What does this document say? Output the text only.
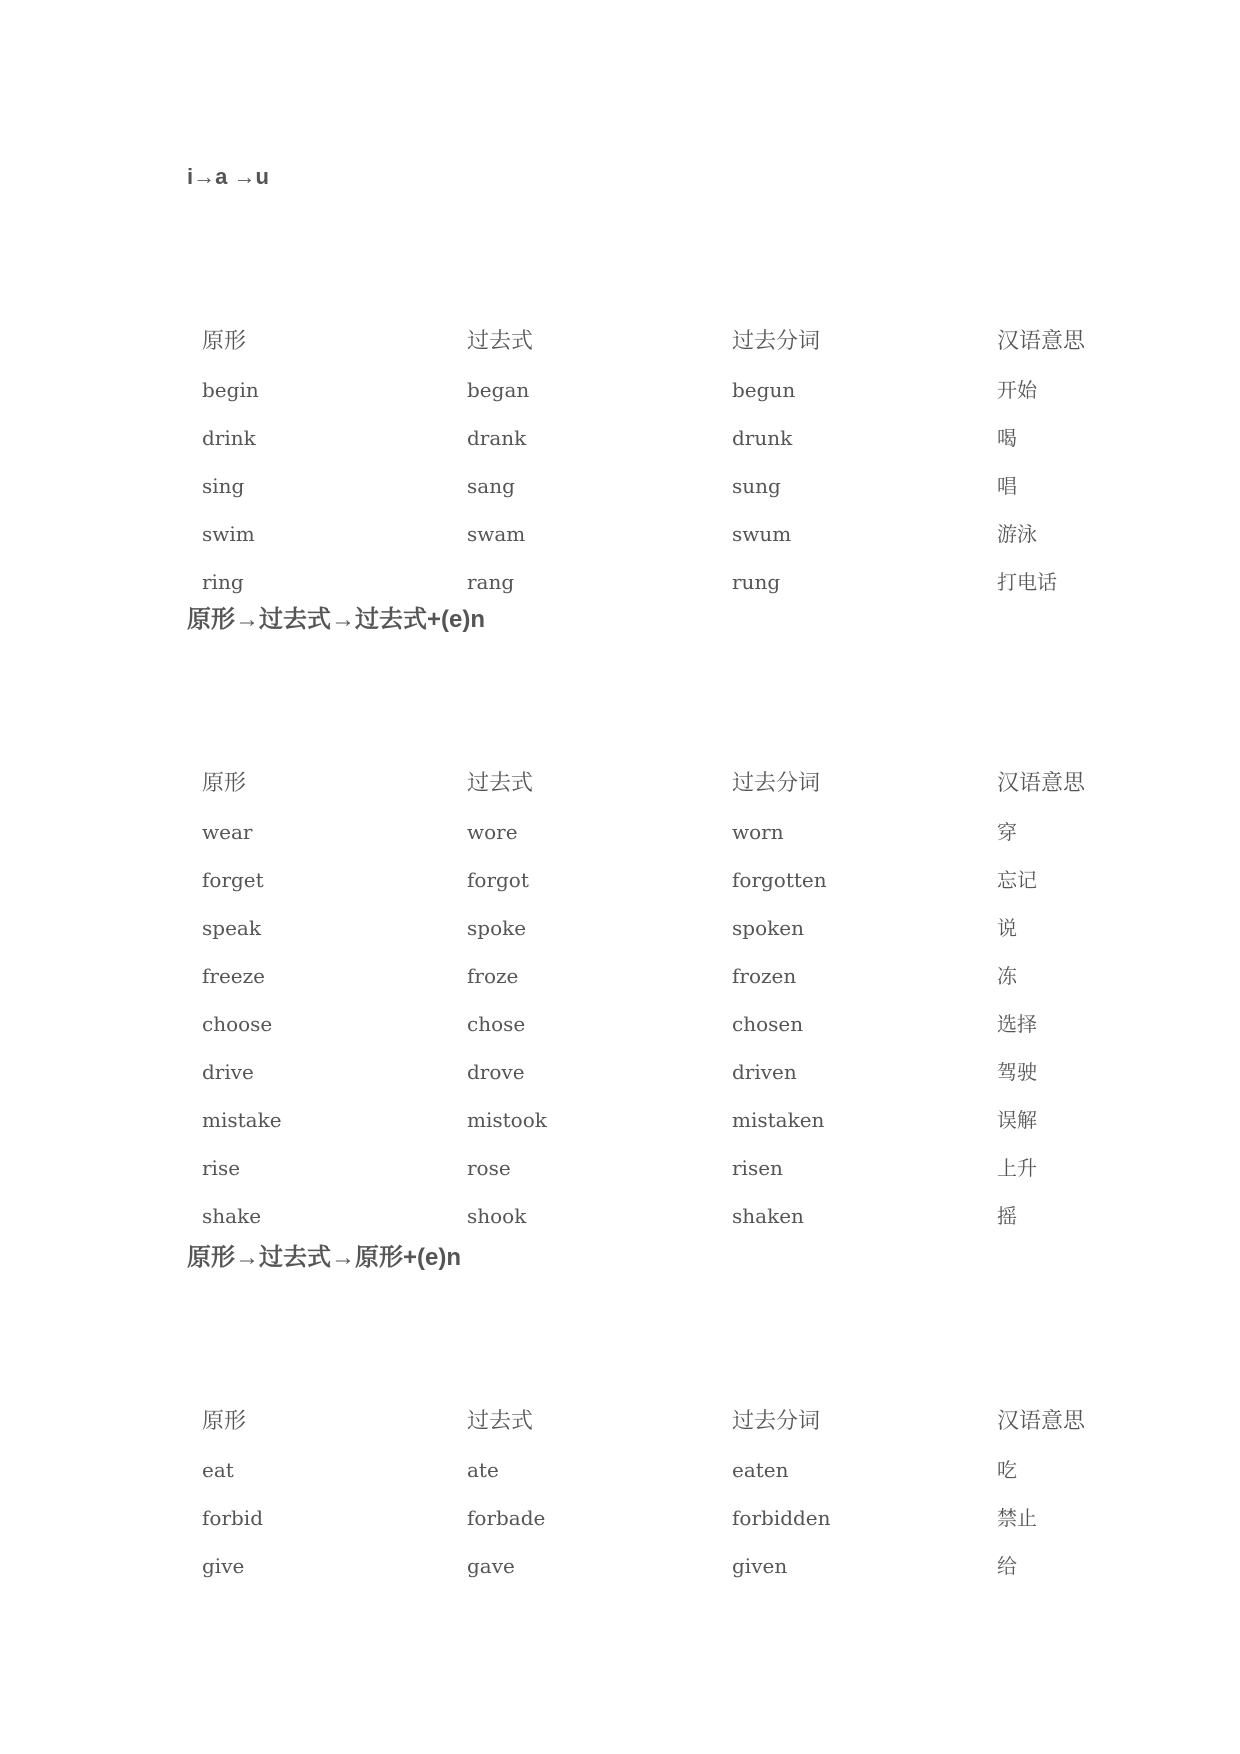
i→a →u
原形	过去式	过去分词	汉语意思
begin	began	begun	开始
drink	drank	drunk	喝
sing	sang	sung	唱
swim	swam	swum	游泳
ring	rang	rung	打电话
原形→过去式→过去式+(e)n
原形	过去式	过去分词	汉语意思
wear	wore	worn	穿
forget	forgot	forgotten	忘记
speak	spoke	spoken	说
freeze	froze	frozen	冻
choose	chose	chosen	选择
drive	drove	driven	驾驶
mistake	mistook	mistaken	误解
rise	rose	risen	上升
shake	shook	shaken	摇
原形→过去式→原形+(e)n
原形	过去式	过去分词	汉语意思
eat	ate	eaten	吃
forbid	forbade	forbidden	禁止
give	gave	given	给
